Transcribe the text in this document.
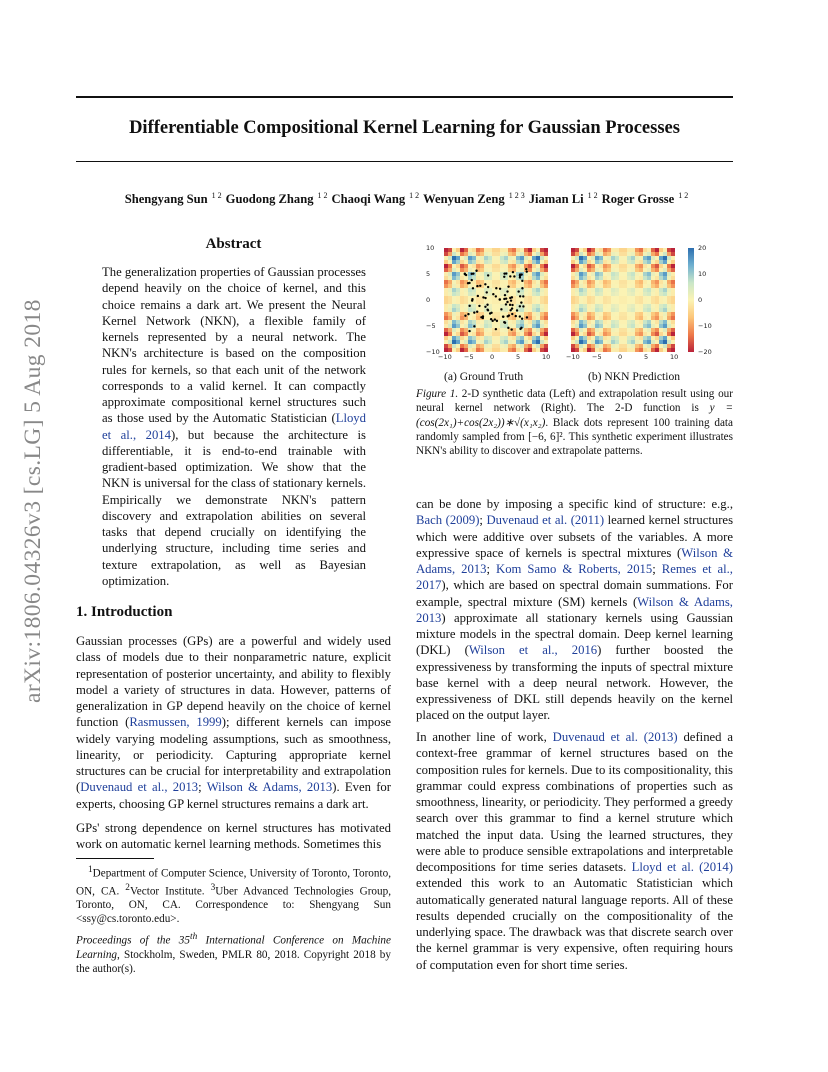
Differentiable Compositional Kernel Learning for Gaussian Processes
Shengyang Sun $^{1 2}$ Guodong Zhang $^{1 2}$ Chaoqi Wang $^{1 2}$ Wenyuan Zeng $^{1 2 3}$ Jiaman Li $^{1 2}$ Roger Grosse $^{1 2}$
arXiv:1806.04326v3 [cs.LG] 5 Aug 2018
Abstract

The generalization properties of Gaussian processes depend heavily on the choice of kernel, and this choice remains a dark art. We present the Neural Kernel Network (NKN), a flexible family of kernels represented by a neural network. The NKN's architecture is based on the composition rules for kernels, so that each unit of the network corresponds to a valid kernel. It can compactly approximate compositional kernel structures such as those used by the Automatic Statistician (Lloyd et al., 2014), but because the architecture is differentiable, it is end-to-end trainable with gradient-based optimization. We show that the NKN is universal for the class of stationary kernels. Empirically we demonstrate NKN's pattern discovery and extrapolation abilities on several tasks that depend crucially on identifying the underlying structure, including time series and texture extrapolation, as well as Bayesian optimization.

1. Introduction

Gaussian processes (GPs) are a powerful and widely used class of models due to their nonparametric nature, explicit representation of posterior uncertainty, and ability to flexibly model a variety of structures in data. However, patterns of generalization in GP depend heavily on the choice of kernel function (Rasmussen, 1999); different kernels can impose widely varying modeling assumptions, such as smoothness, linearity, or periodicity. Capturing appropriate kernel structures can be crucial for interpretability and extrapolation (Duvenaud et al., 2013; Wilson & Adams, 2013). Even for experts, choosing GP kernel structures remains a dark art.

GPs' strong dependence on kernel structures has motivated work on automatic kernel learning methods. Sometimes this

$^1$Department of Computer Science, University of Toronto, Toronto, ON, CA. $^2$Vector Institute. $^3$Uber Advanced Technologies Group, Toronto, ON, CA. Correspondence to: Shengyang Sun <ssy@cs.toronto.edu>.

Proceedings of the 35th International Conference on Machine Learning, Stockholm, Sweden, PMLR 80, 2018. Copyright 2018 by the author(s).

10
5
0
−5
−10
−10 −5	0	5	10 −10 −5	0	5	10
20
10
0
−10
−20
(a) Ground Truth	(b) NKN Prediction

Figure 1. 2-D synthetic data (Left) and extrapolation result using our neural kernel network (Right). The 2-D function is y = (cos(2x₁)+cos(2x₂))∗√(x₁x₂). Black dots represent 100 training data randomly sampled from [−6, 6]². This synthetic experiment illustrates NKN's ability to discover and extrapolate patterns.

can be done by imposing a specific kind of structure: e.g., Bach (2009); Duvenaud et al. (2011) learned kernel structures which were additive over subsets of the variables. A more expressive space of kernels is spectral mixtures (Wilson & Adams, 2013; Kom Samo & Roberts, 2015; Remes et al., 2017), which are based on spectral domain summations. For example, spectral mixture (SM) kernels (Wilson & Adams, 2013) approximate all stationary kernels using Gaussian mixture models in the spectral domain. Deep kernel learning (DKL) (Wilson et al., 2016) further boosted the expressiveness by transforming the inputs of spectral mixture base kernel with a deep neural network. However, the expressiveness of DKL still depends heavily on the kernel placed on the output layer.

In another line of work, Duvenaud et al. (2013) defined a context-free grammar of kernel structures based on the composition rules for kernels. Due to its compositionality, this grammar could express combinations of properties such as smoothness, linearity, or periodicity. They performed a greedy search over this grammar to find a kernel struture which matched the input data. Using the learned structures, they were able to produce sensible extrapolations and interpretable decompositions for time series datasets. Lloyd et al. (2014) extended this work to an Automatic Statistician which automatically generated natural language reports. All of these results depended crucially on the compositionality of the underlying space. The drawback was that discrete search over the kernel grammar is very expensive, often requiring hours of computation even for short time series.
